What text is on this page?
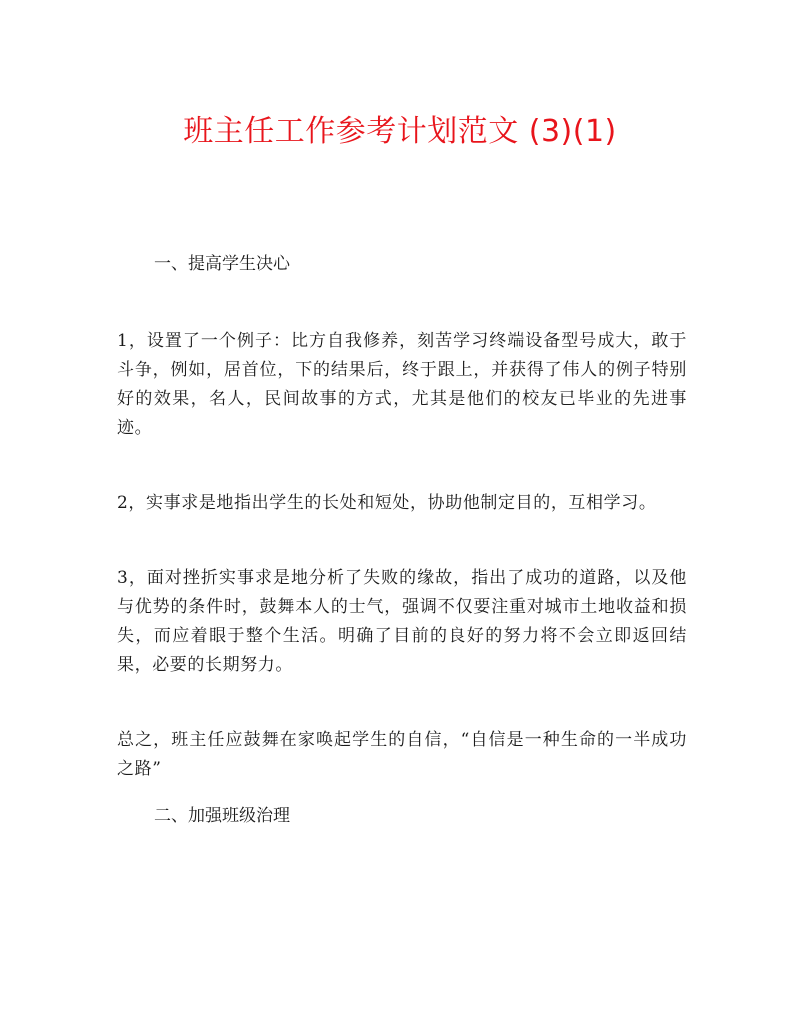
班主任工作参考计划范文 (3)(1)

一、提高学生决心

1，设置了一个例子：比方自我修养，刻苦学习终端设备型号成大，敢于斗争，例如，居首位，下的结果后，终于跟上，并获得了伟人的例子特别好的效果，名人，民间故事的方式，尤其是他们的校友已毕业的先进事迹。

2，实事求是地指出学生的长处和短处，协助他制定目的，互相学习。

3，面对挫折实事求是地分析了失败的缘故，指出了成功的道路，以及他与优势的条件时，鼓舞本人的士气，强调不仅要注重对城市土地收益和损失，而应着眼于整个生活。明确了目前的良好的努力将不会立即返回结果，必要的长期努力。

总之，班主任应鼓舞在家唤起学生的自信，“自信是一种生命的一半成功之路”

二、加强班级治理
